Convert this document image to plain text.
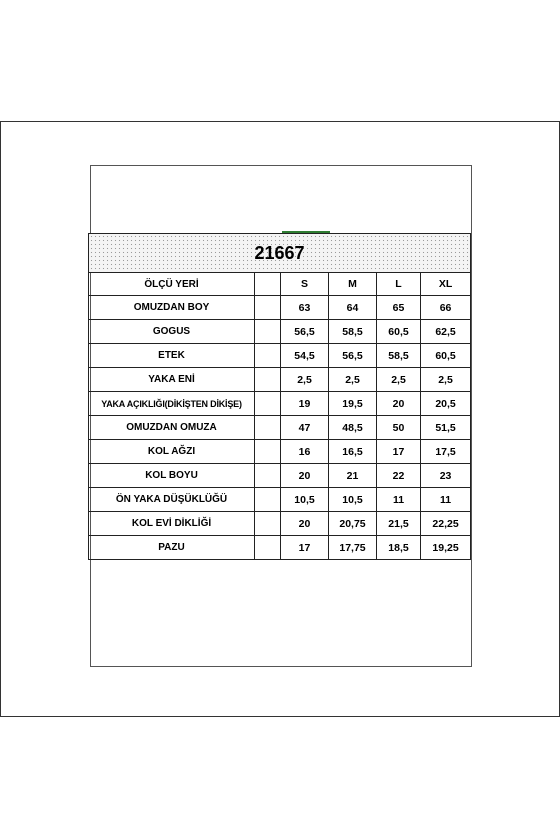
21667					
ÖLÇÜ YERİ		S	M	L	XL
OMUZDAN BOY		63	64	65	66
GOGUS		56,5	58,5	60,5	62,5
ETEK		54,5	56,5	58,5	60,5
YAKA ENİ		2,5	2,5	2,5	2,5
YAKA AÇIKLIĞI(DİKİŞTEN DİKİŞE)		19	19,5	20	20,5
OMUZDAN OMUZA		47	48,5	50	51,5
KOL AĞZI		16	16,5	17	17,5
KOL BOYU		20	21	22	23
ÖN YAKA DÜŞÜKLÜĞÜ		10,5	10,5	11	11
KOL EVİ DİKLİĞİ		20	20,75	21,5	22,25
PAZU		17	17,75	18,5	19,25
